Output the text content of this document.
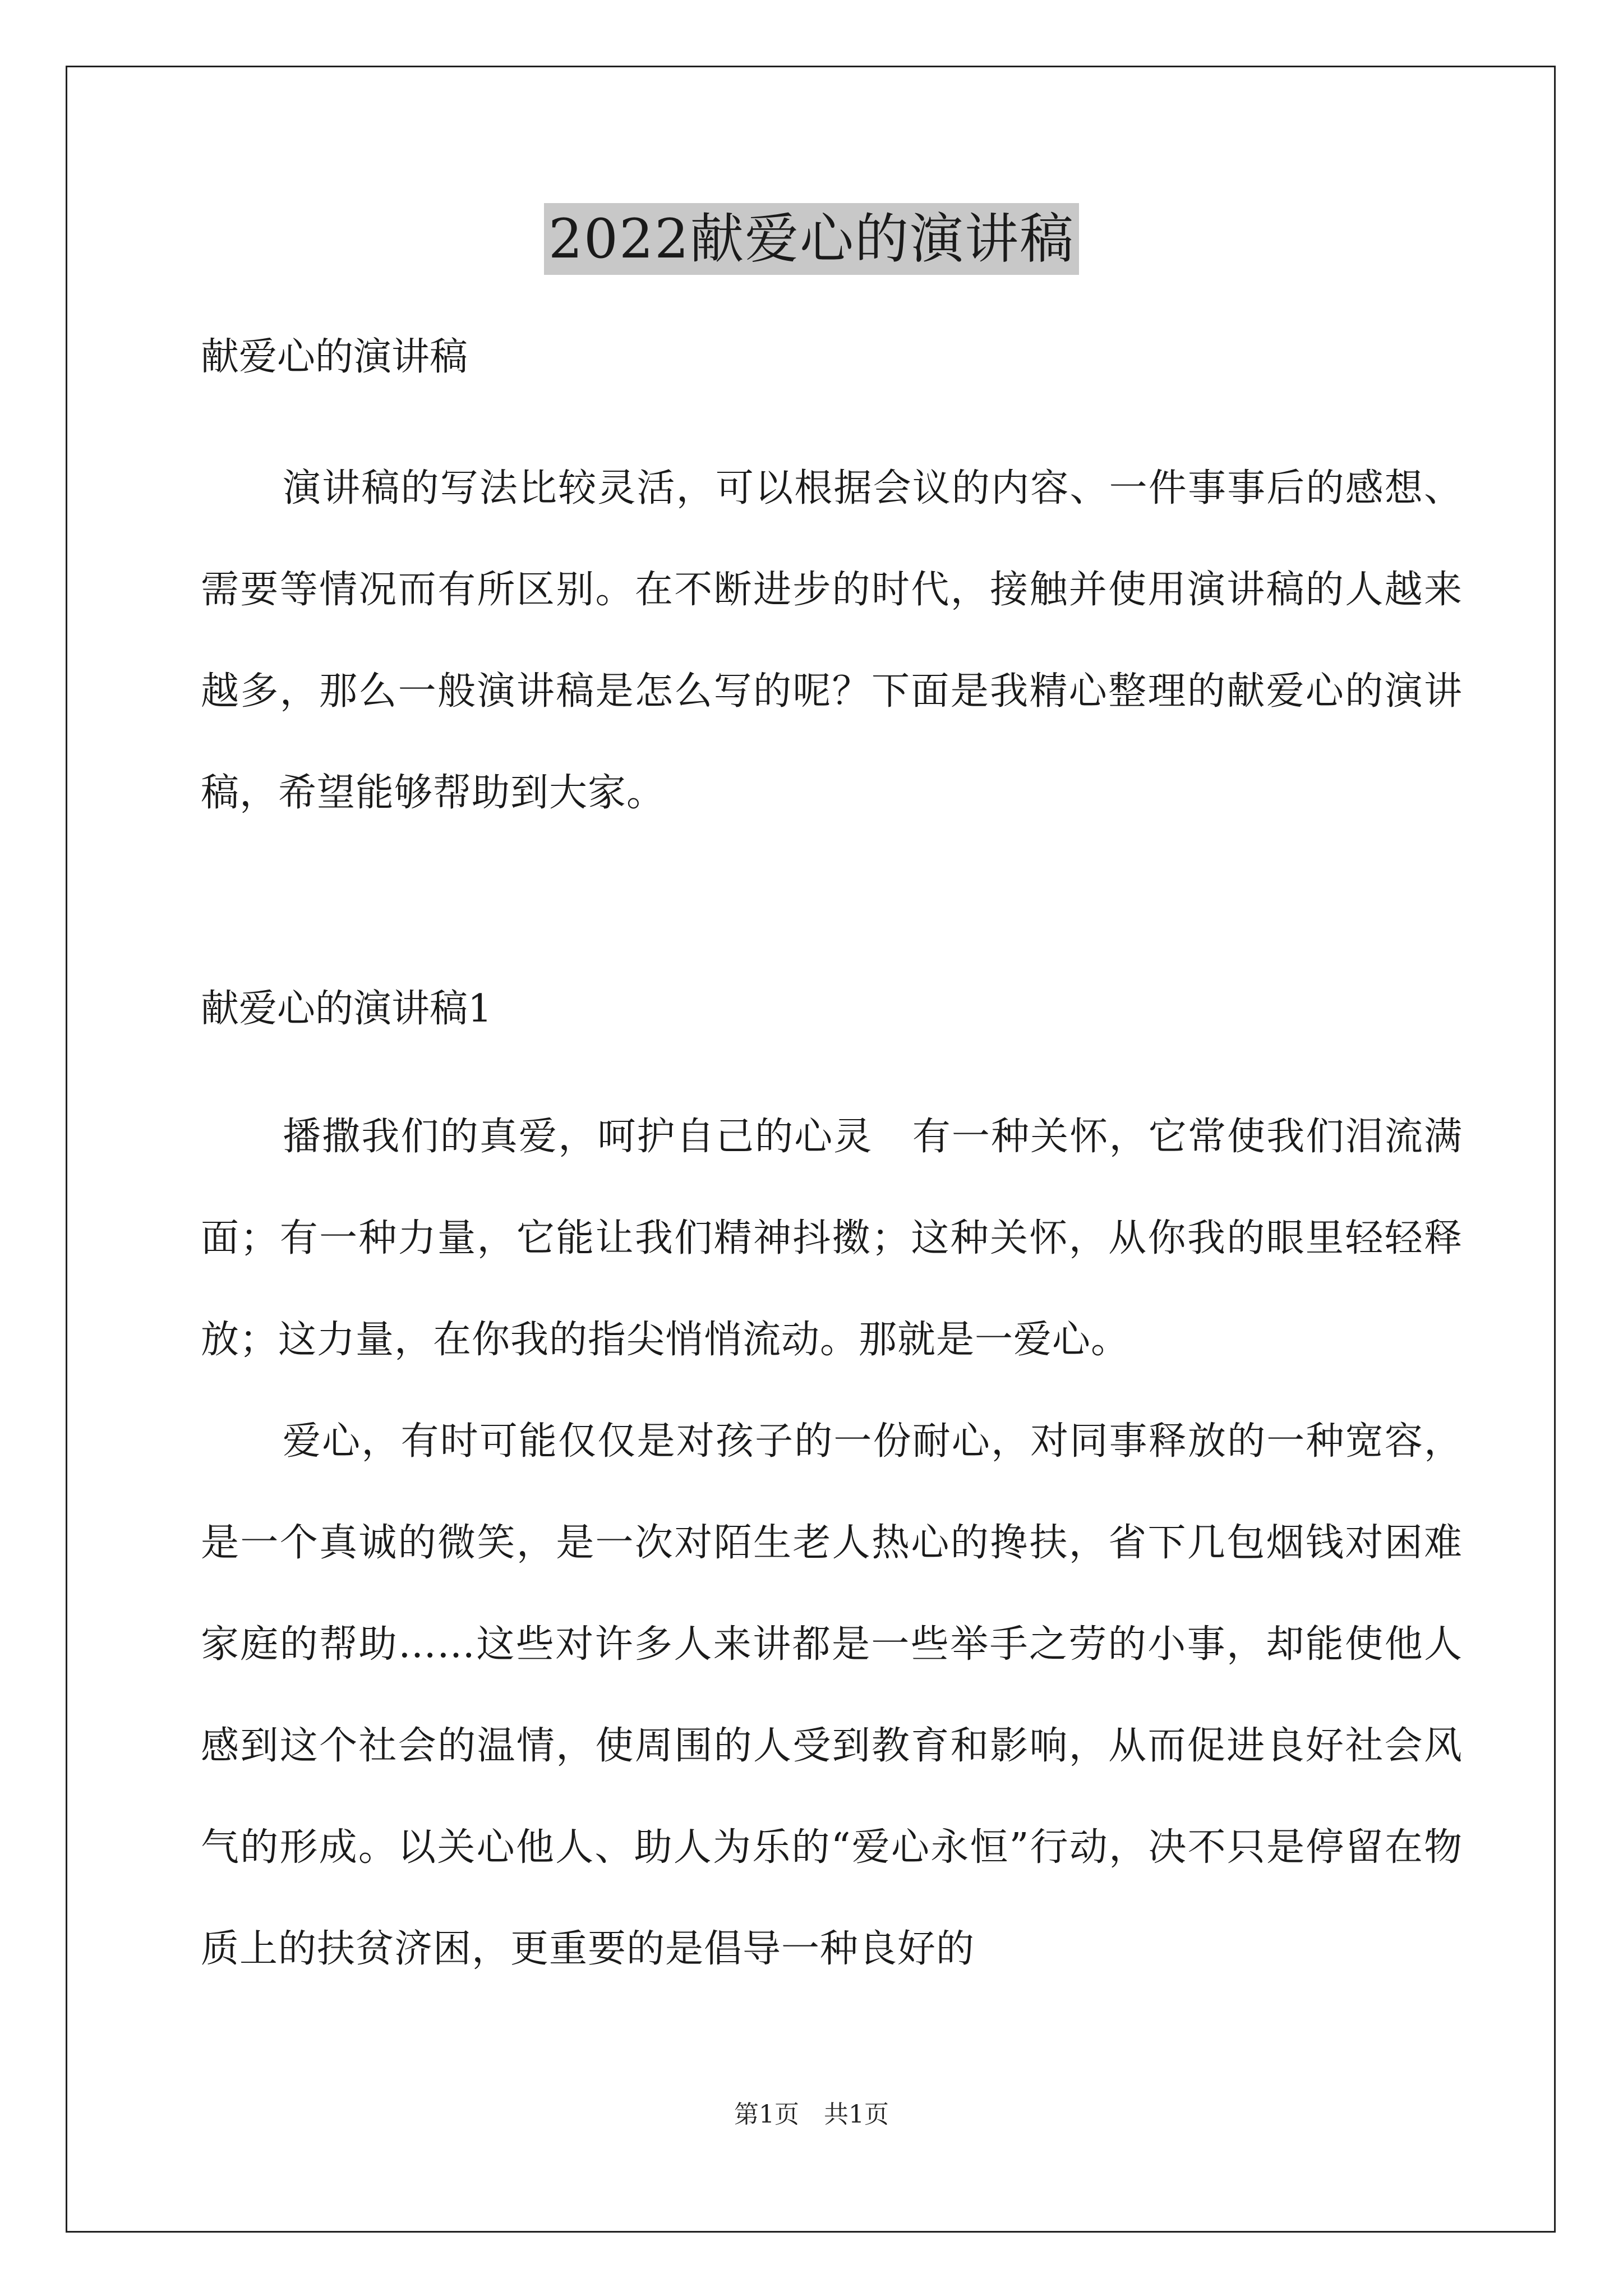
2022献爱心的演讲稿

献爱心的演讲稿

演讲稿的写法比较灵活，可以根据会议的内容、一件事事后的感想、需要等情况而有所区别。在不断进步的时代，接触并使用演讲稿的人越来越多，那么一般演讲稿是怎么写的呢？下面是我精心整理的献爱心的演讲稿，希望能够帮助到大家。

献爱心的演讲稿1

播撒我们的真爱，呵护自己的心灵　有一种关怀，它常使我们泪流满面；有一种力量，它能让我们精神抖擞；这种关怀，从你我的眼里轻轻释放；这力量，在你我的指尖悄悄流动。那就是一爱心。

爱心，有时可能仅仅是对孩子的一份耐心，对同事释放的一种宽容，是一个真诚的微笑，是一次对陌生老人热心的搀扶，省下几包烟钱对困难家庭的帮助……这些对许多人来讲都是一些举手之劳的小事，却能使他人感到这个社会的温情，使周围的人受到教育和影响，从而促进良好社会风气的形成。以关心他人、助人为乐的“爱心永恒”行动，决不只是停留在物质上的扶贫济困，更重要的是倡导一种良好的

第1页　共1页
